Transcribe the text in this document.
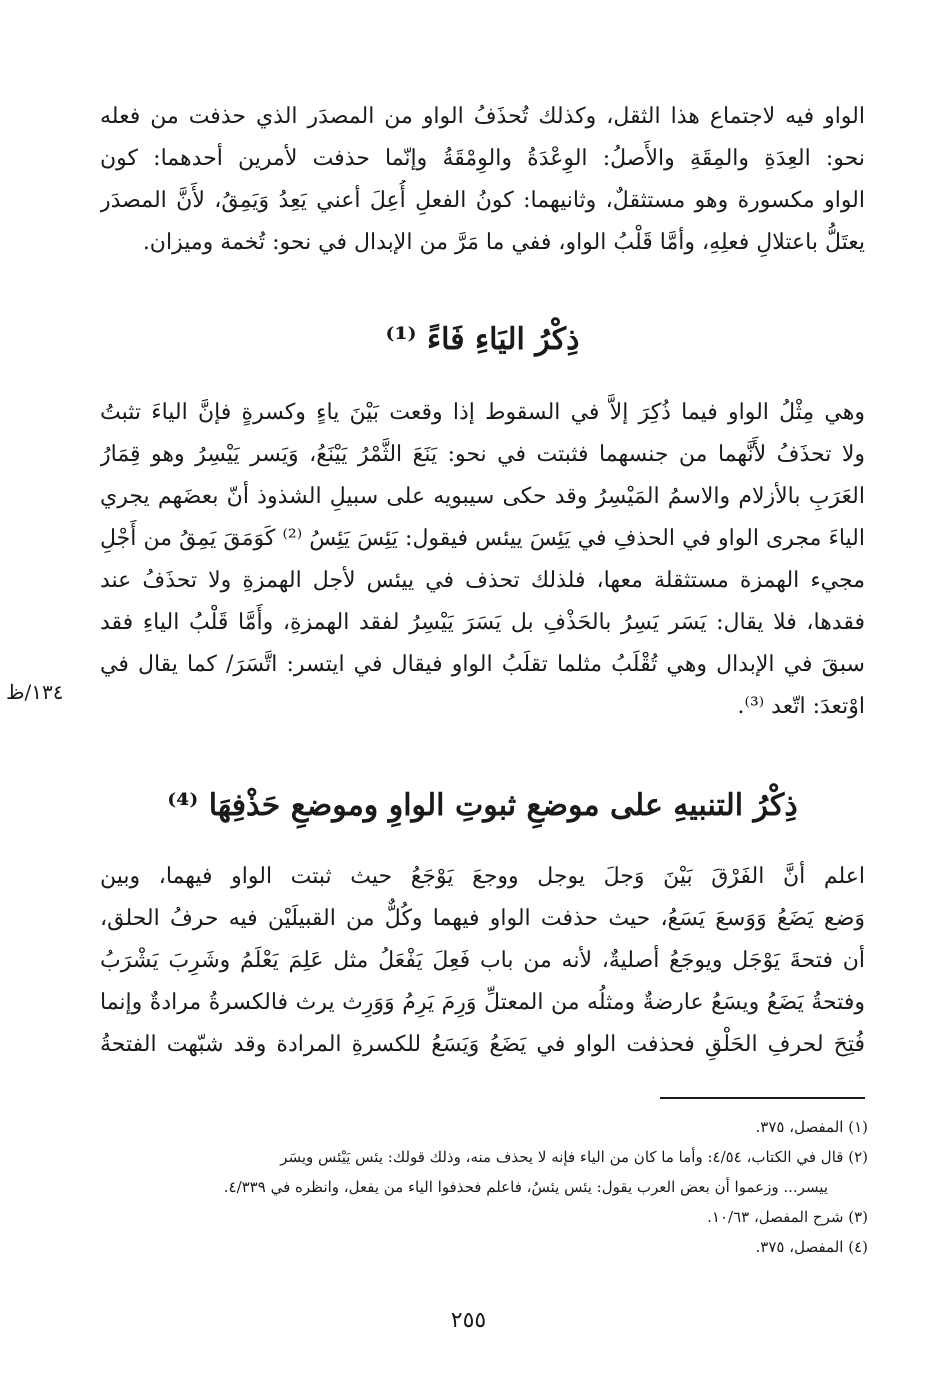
الواو فيه لاجتماع هذا الثقل، وكذلك تُحذَفُ الواو من المصدَر الذي حذفت من فعله
نحو: العِدَةِ والمِقَةِ والأَصلُ: الوِعْدَةُ والوِمْقَةُ وإنّما حذفت لأمرين أحدهما: كون
الواو مكسورة وهو مستثقلٌ، وثانيهما: كونُ الفعلِ أُعِلَ أعني يَعِدُ وَيَمِقُ، لأَنَّ المصدَر
يعتَلُّ باعتلالِ فعلِهِ، وأمَّا قَلْبُ الواو، ففي ما مَرَّ من الإبدال في نحو: تُخمة وميزان.
ذِكْرُ اليَاءِ فَاءً ⁽¹⁾
وهي مِثْلُ الواو فيما ذُكِرَ إلاَّ في السقوط إذا وقعت بَيْنَ ياءٍ وكسرةٍ فإنَّ الياءَ تثبتُ
ولا تحذَفُ لأَنَّهما من جنسهما فثبتت في نحو: يَنَعَ الثَّمْرُ يَيْنَعُ، وَيَسر يَيْسِرُ وهو قِمَارُ
العَرَبِ بالأزلام والاسمُ المَيْسِرُ وقد حكى سيبويه على سبيلِ الشذوذ أنّ بعضَهم يجري
الياءَ مجرى الواو في الحذفِ في يَئِسَ ييئس فيقول: يَئِسَ يَئِسُ ⁽²⁾ كَوَمَقَ يَمِقُ من أَجْلِ
مجيء الهمزة مستثقلة معها، فلذلك تحذف في ييئس لأجل الهمزةِ ولا تحذَفُ عند
فقدها، فلا يقال: يَسَر يَسِرُ بالحَذْفِ بل يَسَرَ يَيْسِرُ لفقد الهمزةِ، وأَمَّا قَلْبُ الياءِ فقد
سبقَ في الإبدال وهي تُقْلَبُ مثلما تقلَبُ الواو فيقال في ايتسر: اتَّسَرَ/ كما يقال في
اوْتعدَ: اتّعد ⁽³⁾.
١٣٤/ظ
ذِكْرُ التنبيهِ على موضعِ ثبوتِ الواوِ وموضعِ حَذْفِهَا ⁽⁴⁾
اعلم أنَّ الفَرْقَ بَيْنَ وَجلَ يوجل ووجعَ يَوْجَعُ حيث ثبتت الواو فيهما، وبين
وَضع يَضَعُ وَوَسعَ يَسَعُ، حيث حذفت الواو فيهما وكُلٌّ من القبيلَيْن فيه حرفُ الحلق،
أن فتحةَ يَوْجَل ويوجَعُ أصليةٌ، لأنه من باب فَعِلَ يَفْعَلُ مثل عَلِمَ يَعْلَمُ وشَرِبَ يَشْرَبُ
وفتحةُ يَضَعُ ويسَعُ عارضةٌ ومثلُه من المعتلِّ وَرِمَ يَرِمُ وَوَرِث يرث فالكسرةُ مرادةٌ وإنما
فُتِحَ لحرفِ الحَلْقِ فحذفت الواو في يَضَعُ وَيَسَعُ للكسرةِ المرادة وقد شبّهت الفتحةُ
(١) المفصل، ٣٧٥.
(٢) قال في الكتاب، ٤/٥٤: وأما ما كان من الياء فإنه لا يحذف منه، وذلك قولك: يئس يَيْئس ويسَر
ييسر... وزعموا أن بعض العرب يقول: يئس يئسُ، فاعلم فحذفوا الياء من يفعل، وانظره في ٤/٣٣٩.
(٣) شرح المفصل، ١٠/٦٣.
(٤) المفصل، ٣٧٥.
٢٥٥
